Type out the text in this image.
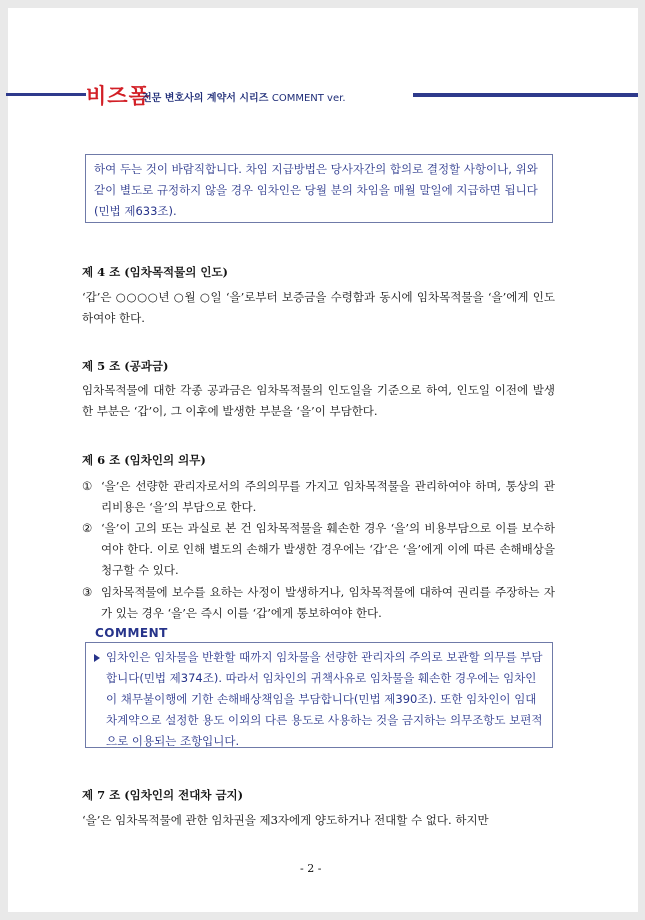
비즈폼
전문 변호사의 계약서 시리즈 COMMENT ver.
하여 두는 것이 바람직합니다. 차임 지급방법은 당사자간의 합의로 결정할 사항이나, 위와 같이 별도로 규정하지 않을 경우 임차인은 당월 분의 차임을 매월 말일에 지급하면 됩니다(민법 제633조).
제 4 조 (임차목적물의 인도)
‘갑’은 ○○○○년 ○월 ○일 ‘을’로부터 보증금을 수령함과 동시에 임차목적물을 ‘을’에게 인도하여야 한다.
제 5 조 (공과금)
임차목적물에 대한 각종 공과금은 임차목적물의 인도일을 기준으로 하여, 인도일 이전에 발생한 부분은 ‘갑’이, 그 이후에 발생한 부분을 ‘을’이 부담한다.
제 6 조 (임차인의 의무)
① ‘을’은 선량한 관리자로서의 주의의무를 가지고 임차목적물을 관리하여야 하며, 통상의 관리비용은 ‘을’의 부담으로 한다.
② ‘을’이 고의 또는 과실로 본 건 임차목적물을 훼손한 경우 ‘을’의 비용부담으로 이를 보수하여야 한다. 이로 인해 별도의 손해가 발생한 경우에는 ‘갑’은 ‘을’에게 이에 따른 손해배상을 청구할 수 있다.
③ 임차목적물에 보수를 요하는 사정이 발생하거나, 임차목적물에 대하여 권리를 주장하는 자가 있는 경우 ‘을’은 즉시 이를 ‘갑’에게 통보하여야 한다.
COMMENT
임차인은 임차물을 반환할 때까지 임차물을 선량한 관리자의 주의로 보관할 의무를 부담합니다(민법 제374조). 따라서 임차인의 귀책사유로 임차물을 훼손한 경우에는 임차인이 채무불이행에 기한 손해배상책임을 부담합니다(민법 제390조). 또한 임차인이 임대차계약으로 설정한 용도 이외의 다른 용도로 사용하는 것을 금지하는 의무조항도 보편적으로 이용되는 조항입니다.
제 7 조 (임차인의 전대차 금지)
‘을’은 임차목적물에 관한 임차권을 제3자에게 양도하거나 전대할 수 없다. 하지만
- 2 -
